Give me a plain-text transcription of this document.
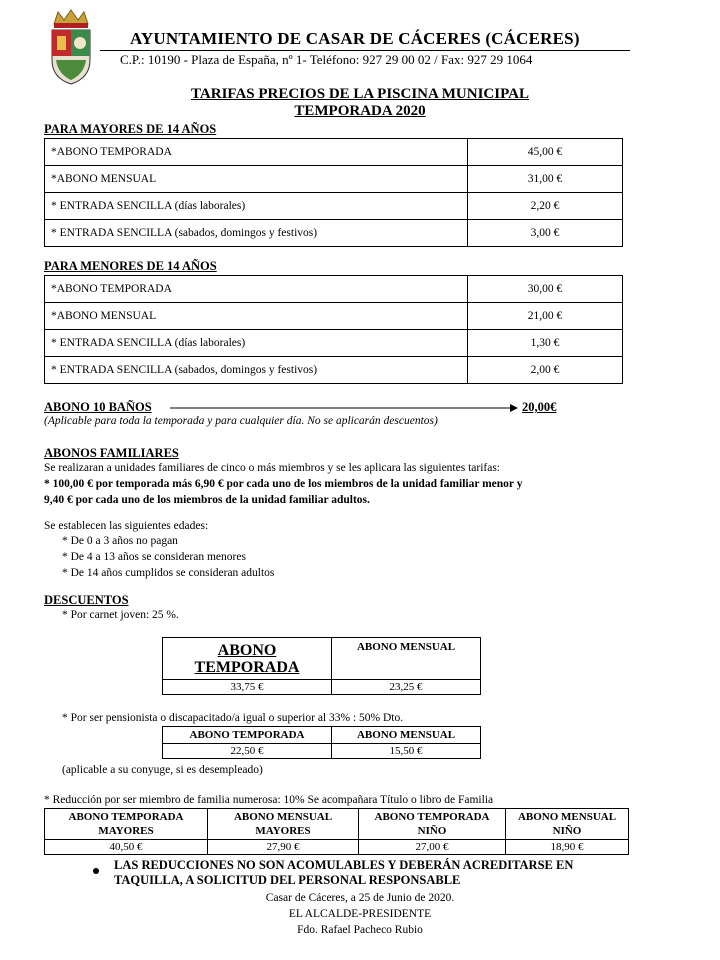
AYUNTAMIENTO DE CASAR DE CÁCERES (CÁCERES)
C.P.: 10190 - Plaza de España, nº 1- Teléfono: 927 29 00 02 / Fax: 927 29 1064
TARIFAS PRECIOS DE LA PISCINA MUNICIPAL
TEMPORADA 2020
PARA MAYORES DE 14 AÑOS
*ABONO TEMPORADA	45,00 €
*ABONO MENSUAL	31,00 €
* ENTRADA SENCILLA (días laborales)	2,20 €
* ENTRADA SENCILLA (sabados, domingos y festivos)	3,00 €
PARA MENORES DE 14 AÑOS
*ABONO TEMPORADA	30,00 €
*ABONO MENSUAL	21,00 €
* ENTRADA SENCILLA (días laborales)	1,30 €
* ENTRADA SENCILLA (sabados, domingos y festivos)	2,00 €
ABONO 10 BAÑOS	20,00€
(Aplicable para toda la temporada y para cualquier día. No se aplicarán descuentos)
ABONOS FAMILIARES
Se realizaran a unidades familiares de cinco o más miembros y se les aplicara las siguientes tarifas:
* 100,00 € por temporada más 6,90 € por cada uno de los miembros de la unidad familiar menor y
9,40 € por cada uno de los miembros de la unidad familiar adultos.
Se establecen las siguientes edades:
* De 0 a 3 años no pagan
* De 4 a 13 años se consideran menores
* De 14 años cumplidos se consideran adultos
DESCUENTOS
* Por carnet joven: 25 %.
ABONO TEMPORADA	ABONO MENSUAL
33,75 €	23,25 €
* Por ser pensionista o discapacitado/a igual o superior al 33% : 50% Dto.
ABONO TEMPORADA	ABONO MENSUAL
22,50 €	15,50 €
(aplicable a su conyuge, si es desempleado)
* Reducción por ser miembro de familia numerosa: 10% Se acompañara Título o libro de Familia
ABONO TEMPORADA MAYORES	ABONO MENSUAL MAYORES	ABONO TEMPORADA NIÑO	ABONO MENSUAL NIÑO
40,50 €	27,90 €	27,00 €	18,90 €
LAS REDUCCIONES NO SON ACOMULABLES Y DEBERÁN ACREDITARSE EN
TAQUILLA, A SOLICITUD DEL PERSONAL RESPONSABLE
Casar de Cáceres, a 25 de Junio de 2020.
EL ALCALDE-PRESIDENTE
Fdo. Rafael Pacheco Rubio
